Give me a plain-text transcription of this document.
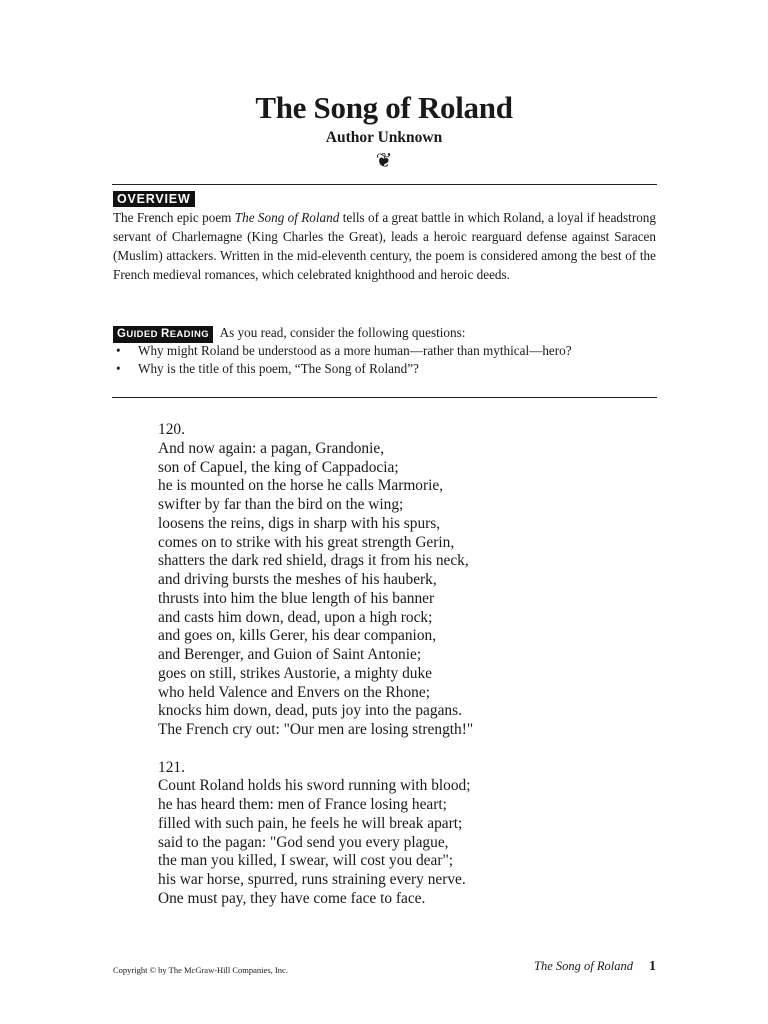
The Song of Roland
Author Unknown
❦
OVERVIEW

The French epic poem The Song of Roland tells of a great battle in which Roland, a loyal if headstrong servant of Charlemagne (King Charles the Great), leads a heroic rearguard defense against Saracen (Muslim) attackers. Written in the mid-eleventh century, the poem is considered among the best of the French medieval romances, which celebrated knighthood and heroic deeds.

GUIDED READING As you read, consider the following questions:
• Why might Roland be understood as a more human—rather than mythical—hero?
• Why is the title of this poem, “The Song of Roland”?
120.
And now again: a pagan, Grandonie,
son of Capuel, the king of Cappadocia;
he is mounted on the horse he calls Marmorie,
swifter by far than the bird on the wing;
loosens the reins, digs in sharp with his spurs,
comes on to strike with his great strength Gerin,
shatters the dark red shield, drags it from his neck,
and driving bursts the meshes of his hauberk,
thrusts into him the blue length of his banner
and casts him down, dead, upon a high rock;
and goes on, kills Gerer, his dear companion,
and Berenger, and Guion of Saint Antonie;
goes on still, strikes Austorie, a mighty duke
who held Valence and Envers on the Rhone;
knocks him down, dead, puts joy into the pagans.
The French cry out: "Our men are losing strength!"
121.
Count Roland holds his sword running with blood;
he has heard them: men of France losing heart;
filled with such pain, he feels he will break apart;
said to the pagan: "God send you every plague,
the man you killed, I swear, will cost you dear";
his war horse, spurred, runs straining every nerve.
One must pay, they have come face to face.
Copyright © by The McGraw-Hill Companies, Inc.	The Song of Roland 1
